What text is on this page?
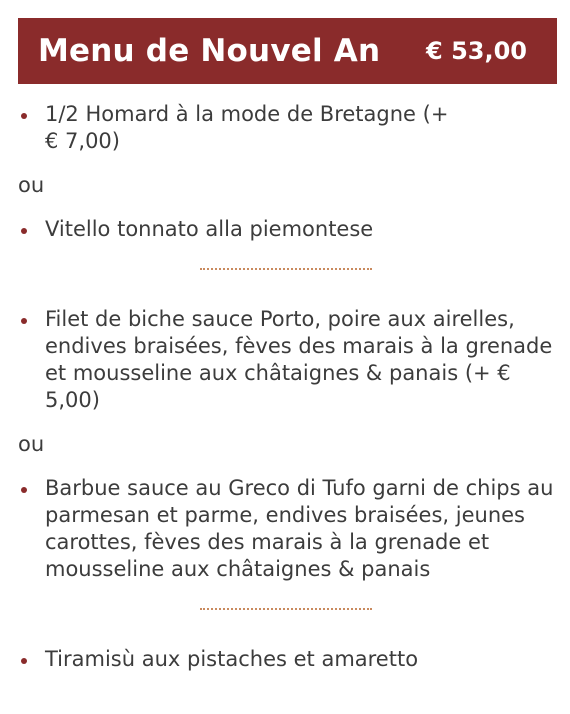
Menu de Nouvel An € 53,00
1/2 Homard à la mode de Bretagne (+ € 7,00)
ou
Vitello tonnato alla piemontese
Filet de biche sauce Porto, poire aux airelles, endives braisées, fèves des marais à la grenade et mousseline aux châtaignes & panais (+ € 5,00)
ou
Barbue sauce au Greco di Tufo garni de chips au parmesan et parme, endives braisées, jeunes carottes, fèves des marais à la grenade et mousseline aux châtaignes & panais
Tiramisù aux pistaches et amaretto
